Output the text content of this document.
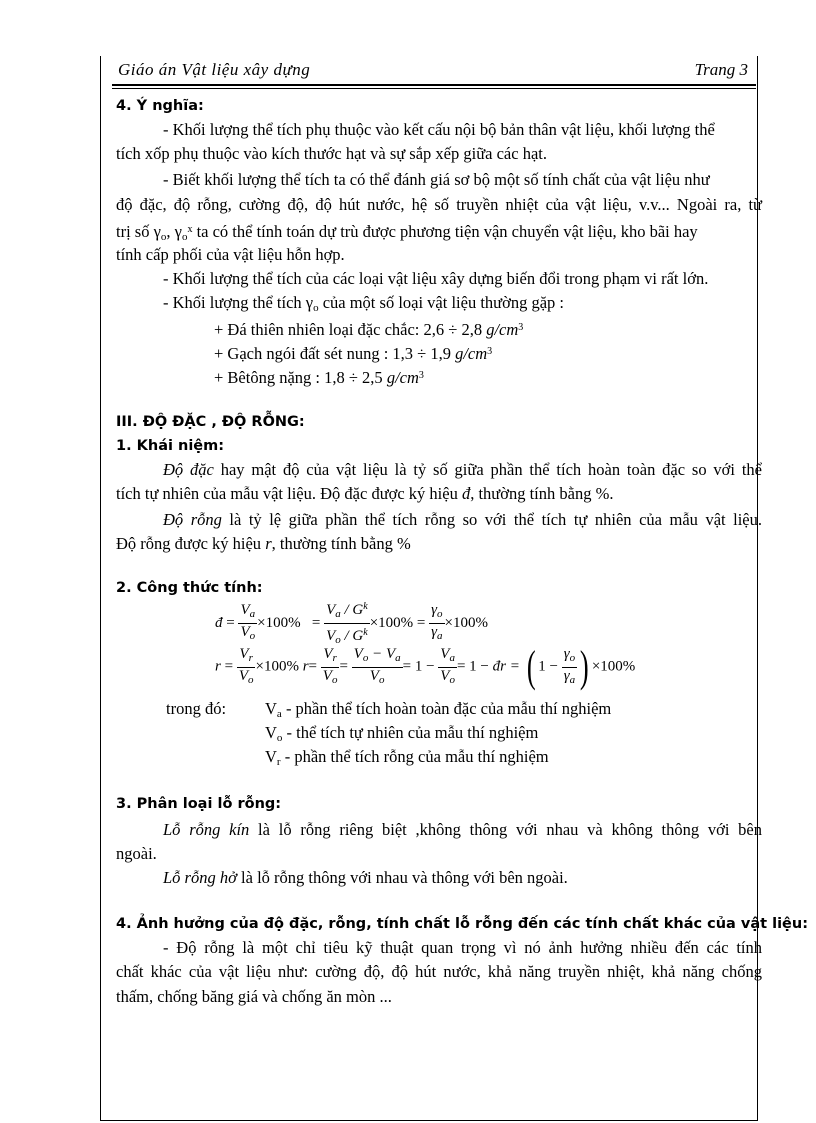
Giáo án Vật liệu xây dựng	Trang 3
4. Ý nghĩa:
- Khối lượng thể tích phụ thuộc vào kết cấu nội bộ bản thân vật liệu, khối lượng thể
tích xốp phụ thuộc vào kích thước hạt và sự sắp xếp giữa các hạt.
- Biết khối lượng thể tích ta có thể đánh giá sơ bộ một số tính chất của vật liệu như
độ đặc, độ rỗng, cường độ, độ hút nước, hệ số truyền nhiệt của vật liệu, v.v... Ngoài ra, từ
trị số $\gamma_o$, $\gamma_o^x$ ta có thể tính toán dự trù được phương tiện vận chuyển vật liệu, kho bãi hay
tính cấp phối của vật liệu hỗn hợp.
- Khối lượng thể tích của các loại vật liệu xây dựng biến đổi trong phạm vi rất lớn.
- Khối lượng thể tích $\gamma_o$ của một số loại vật liệu thường gặp :
+ Đá thiên nhiên loại đặc chắc: 2,6 ÷ 2,8 $g/cm^3$
+ Gạch ngói đất sét nung : 1,3 ÷ 1,9 $g/cm^3$
+ Bêtông nặng : 1,8 ÷ 2,5 $g/cm^3$
III. ĐỘ ĐẶC , ĐỘ RỖNG:
1. Khái niệm:
Độ đặc hay mật độ của vật liệu là tỷ số giữa phần thể tích hoàn toàn đặc so với thể
tích tự nhiên của mẫu vật liệu. Độ đặc được ký hiệu đ, thường tính bằng %.
Độ rỗng là tỷ lệ giữa phần thể tích rỗng so với thể tích tự nhiên của mẫu vật liệu.
Độ rỗng được ký hiệu r, thường tính bằng %
2. Công thức tính:
đ = $\frac{V_a}{V_o} \times 100\% = \frac{V_a / G^k}{V_o / G^k} \times 100\% = \frac{\gamma_o}{\gamma_a} \times 100\%$
$r = \frac{V_r}{V_o} \times 100\%$ $r= \frac{V_r}{V_o} = \frac{V_o - V_a}{V_o} = 1 - \frac{V_a}{V_o} = 1$ − đr = ( $1 - \frac{\gamma_o}{\gamma_a}$ ) ×100%
trong đó: $V_a$ - phần thể tích hoàn toàn đặc của mẫu thí nghiệm
$V_o$ - thể tích tự nhiên của mẫu thí nghiệm
$V_r$ - phần thể tích rỗng của mẫu thí nghiệm
3. Phân loại lỗ rỗng:
Lỗ rỗng kín là lỗ rỗng riêng biệt ,không thông với nhau và không thông với bên
ngoài.
Lỗ rỗng hở là lỗ rỗng thông với nhau và thông với bên ngoài.
4. Ảnh hưởng của độ đặc, rỗng, tính chất lỗ rỗng đến các tính chất khác của vật liệu:
- Độ rỗng là một chỉ tiêu kỹ thuật quan trọng vì nó ảnh hưởng nhiều đến các tính
chất khác của vật liệu như: cường độ, độ hút nước, khả năng truyền nhiệt, khả năng chống
thấm, chống băng giá và chống ăn mòn ...
